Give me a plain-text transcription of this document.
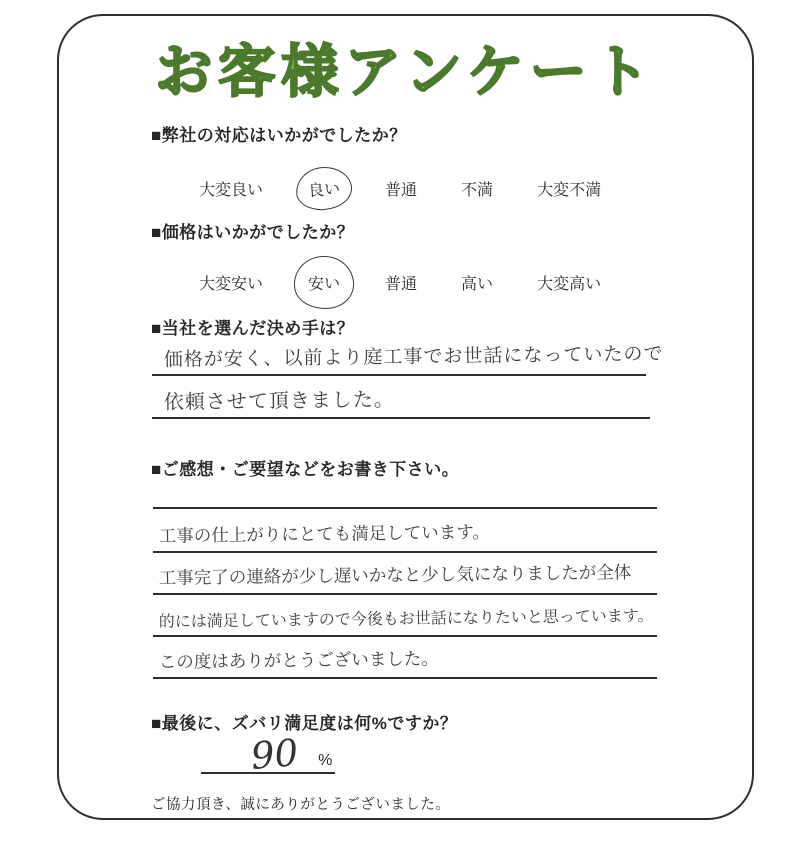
お客様アンケート
■弊社の対応はいかがでしたか？
大変良い	良い	普通	不満	大変不満
■価格はいかがでしたか？
大変安い	安い	普通	高い	大変高い
■当社を選んだ決め手は？
価格が安く、以前より庭工事でお世話になっていたので
依頼させて頂きました。
■ご感想・ご要望などをお書き下さい。
工事の仕上がりにとても満足しています。
工事完了の連絡が少し遅いかなと少し気になりましたが全体
的には満足していますので今後もお世話になりたいと思っています。
この度はありがとうございました。
■最後に、ズバリ満足度は何%ですか？
90 %
ご協力頂き、誠にありがとうございました。
